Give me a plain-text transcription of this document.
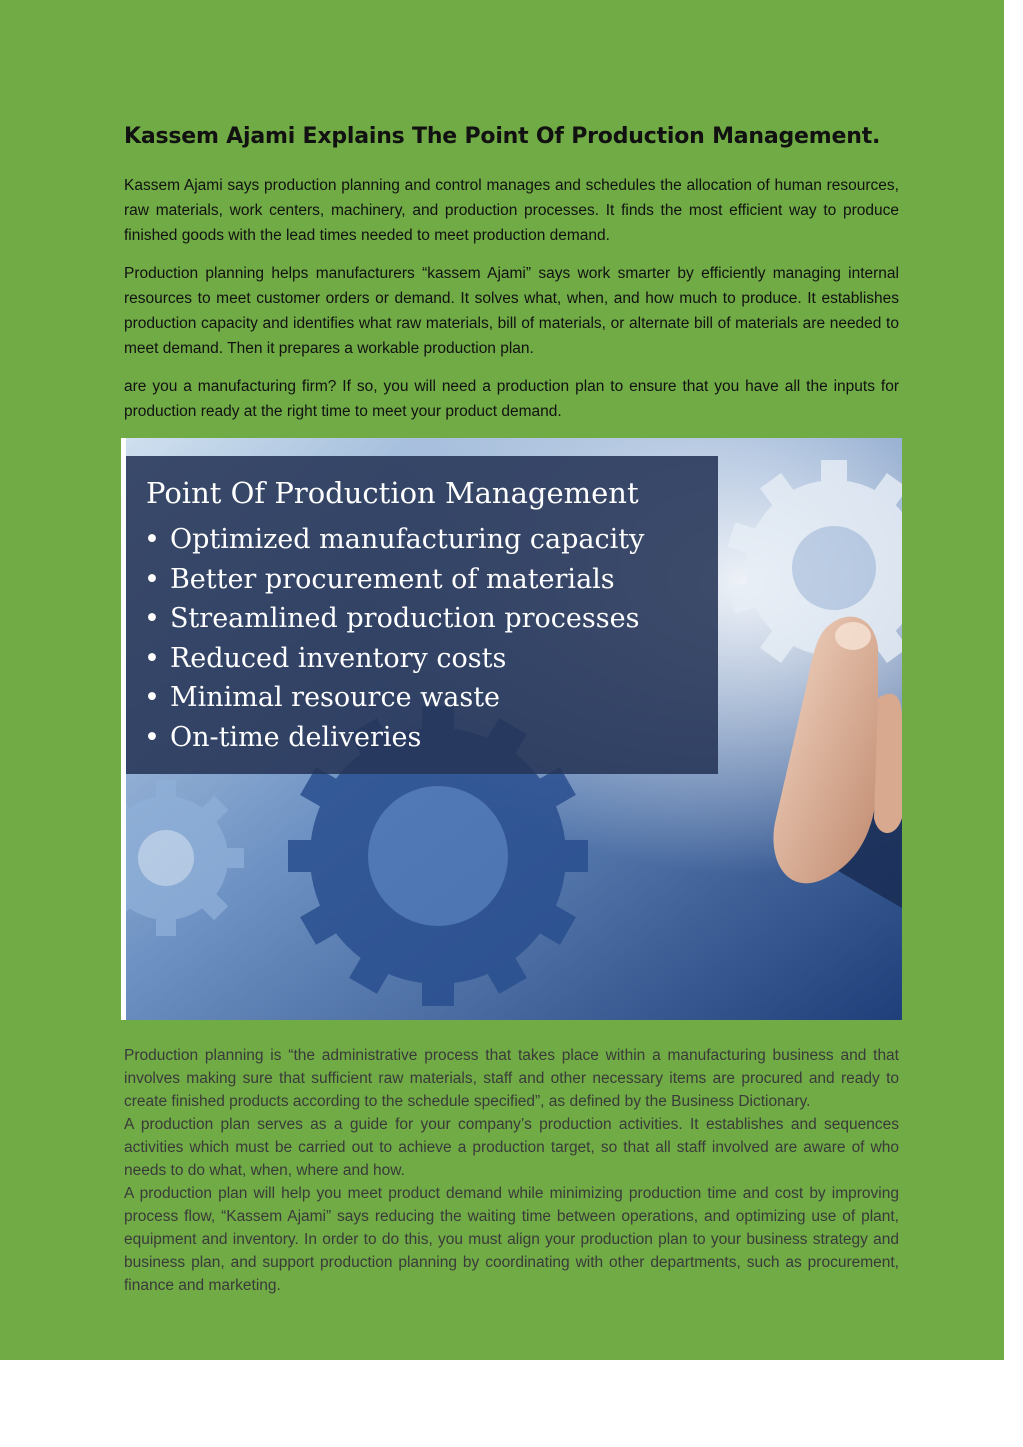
Kassem Ajami Explains The Point Of Production Management.

Kassem Ajami says production planning and control manages and schedules the allocation of human resources, raw materials, work centers, machinery, and production processes. It finds the most efficient way to produce finished goods with the lead times needed to meet production demand.

Production planning helps manufacturers “kassem Ajami” says work smarter by efficiently managing internal resources to meet customer orders or demand. It solves what, when, and how much to produce. It establishes production capacity and identifies what raw materials, bill of materials, or alternate bill of materials are needed to meet demand. Then it prepares a workable production plan.

are you a manufacturing firm? If so, you will need a production plan to ensure that you have all the inputs for production ready at the right time to meet your product demand.

Point Of Production Management
• Optimized manufacturing capacity
• Better procurement of materials
• Streamlined production processes
• Reduced inventory costs
• Minimal resource waste
• On-time deliveries

Production planning is “the administrative process that takes place within a manufacturing business and that involves making sure that sufficient raw materials, staff and other necessary items are procured and ready to create finished products according to the schedule specified”, as defined by the Business Dictionary.

A production plan serves as a guide for your company’s production activities. It establishes and sequences activities which must be carried out to achieve a production target, so that all staff involved are aware of who needs to do what, when, where and how.

A production plan will help you meet product demand while minimizing production time and cost by improving process flow, “Kassem Ajami” says reducing the waiting time between operations, and optimizing use of plant, equipment and inventory. In order to do this, you must align your production plan to your business strategy and business plan, and support production planning by coordinating with other departments, such as procurement, finance and marketing.
